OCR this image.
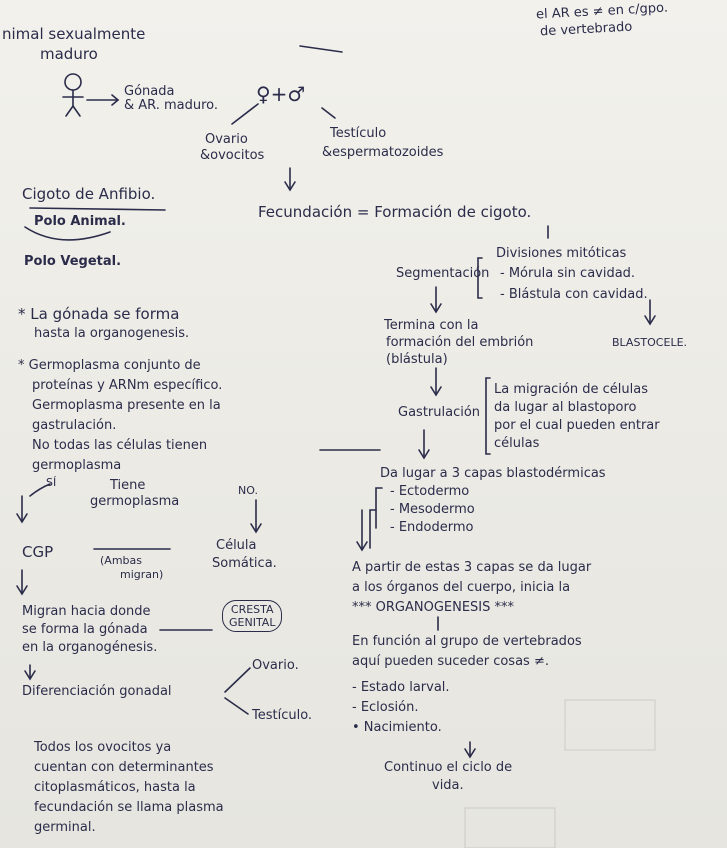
nimal sexualmente
maduro
el AR es ≠ en c/gpo.
de vertebrado
Gónada
& AR. maduro. ♀+♂
Ovario
&ovocitos
Testículo
&espermatozoides
Fecundación = Formación de cigoto.
Cigoto de Anfibio.
Polo Animal.
Polo Vegetal.
Segmentación
Divisiones mitóticas
- Mórula sin cavidad.
- Blástula con cavidad.
BLASTOCELE.
Termina con la
formación del embrión
(blástula)
Gastrulación
La migración de células
da lugar al blastoporo
por el cual pueden entrar
células
Da lugar a 3 capas blastodérmicas
- Ectodermo
- Mesodermo
- Endodermo
A partir de estas 3 capas se da lugar
a los órganos del cuerpo, inicia la
*** ORGANOGENESIS ***
En función al grupo de vertebrados
aquí pueden suceder cosas ≠.
- Estado larval.
- Eclosión.
• Nacimiento.
Continuo el ciclo de
vida.
* La gónada se forma
hasta la organogenesis.
* Germoplasma conjunto de
proteínas y ARNm específico.
Germoplasma presente en la
gastrulación.
No todas las células tienen
germoplasma
SÍ	Tiene
germoplasma
NO.
CGP	(Ambas
migran)
Célula
Somática.
Migran hacia donde
se forma la gónada
en la organogénesis.
CRESTA
GENITAL
Diferenciación gonadal
Ovario.
Testículo.
Todos los ovocitos ya
cuentan con determinantes
citoplasmáticos, hasta la
fecundación se llama plasma
germinal.
